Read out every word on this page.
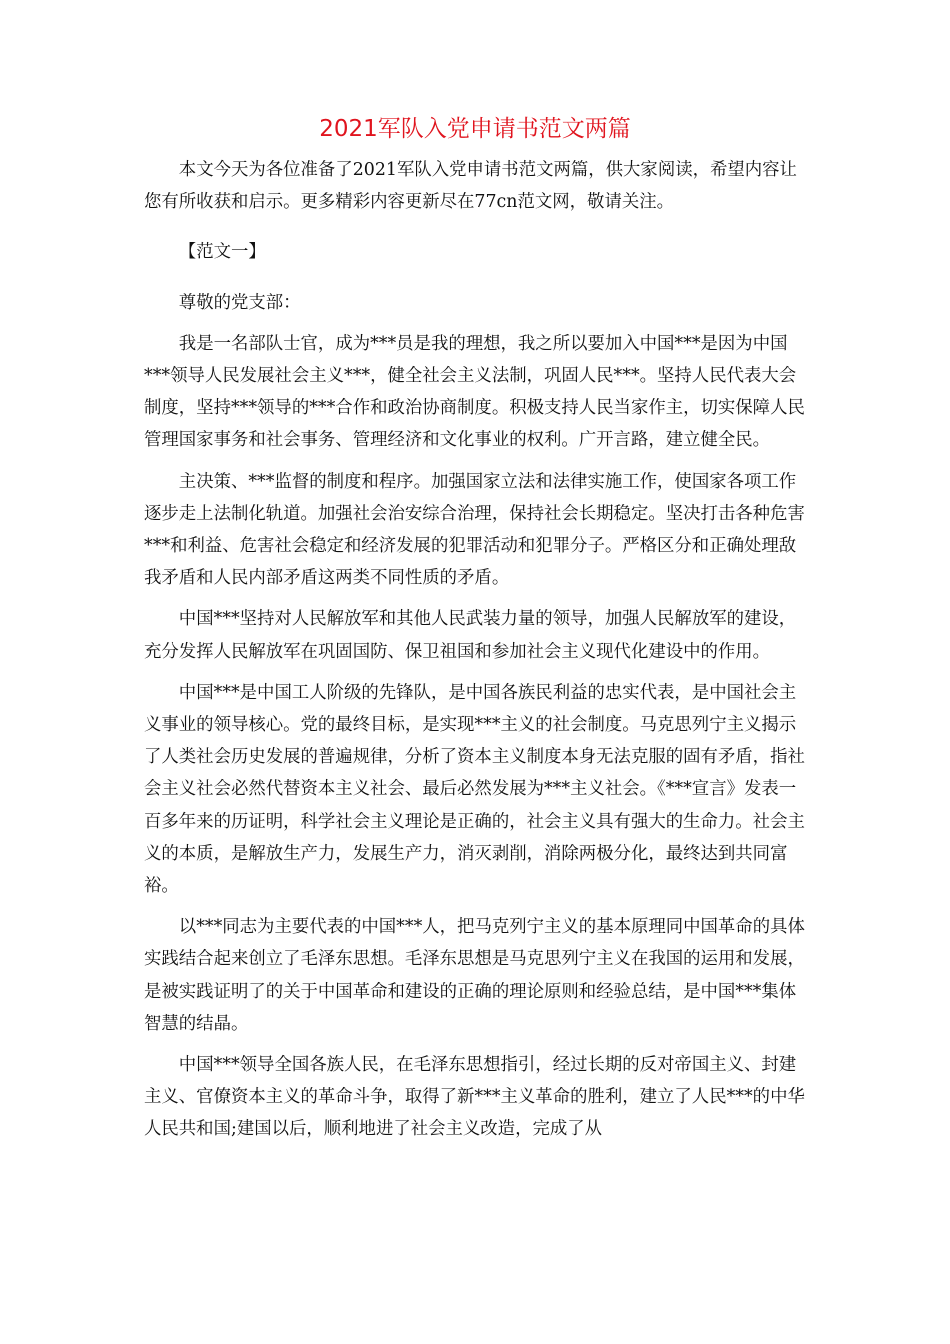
2021军队入党申请书范文两篇

本文今天为各位准备了2021军队入党申请书范文两篇，供大家阅读，希望内容让您有所收获和启示。更多精彩内容更新尽在77cn范文网，敬请关注。

【范文一】

尊敬的党支部：

我是一名部队士官，成为***员是我的理想，我之所以要加入中国***是因为中国***领导人民发展社会主义***，健全社会主义法制，巩固人民***。坚持人民代表大会制度，坚持***领导的***合作和政治协商制度。积极支持人民当家作主，切实保障人民管理国家事务和社会事务、管理经济和文化事业的权利。广开言路，建立健全民。

主决策、***监督的制度和程序。加强国家立法和法律实施工作，使国家各项工作逐步走上法制化轨道。加强社会治安综合治理，保持社会长期稳定。坚决打击各种危害***和利益、危害社会稳定和经济发展的犯罪活动和犯罪分子。严格区分和正确处理敌我矛盾和人民内部矛盾这两类不同性质的矛盾。

中国***坚持对人民解放军和其他人民武装力量的领导，加强人民解放军的建设，充分发挥人民解放军在巩固国防、保卫祖国和参加社会主义现代化建设中的作用。

中国***是中国工人阶级的先锋队，是中国各族民利益的忠实代表，是中国社会主义事业的领导核心。党的最终目标，是实现***主义的社会制度。马克思列宁主义揭示了人类社会历史发展的普遍规律，分析了资本主义制度本身无法克服的固有矛盾，指社会主义社会必然代替资本主义社会、最后必然发展为***主义社会。《***宣言》发表一百多年来的历证明，科学社会主义理论是正确的，社会主义具有强大的生命力。社会主义的本质，是解放生产力，发展生产力，消灭剥削，消除两极分化，最终达到共同富裕。

以***同志为主要代表的中国***人，把马克列宁主义的基本原理同中国革命的具体实践结合起来创立了毛泽东思想。毛泽东思想是马克思列宁主义在我国的运用和发展，是被实践证明了的关于中国革命和建设的正确的理论原则和经验总结，是中国***集体智慧的结晶。

中国***领导全国各族人民，在毛泽东思想指引，经过长期的反对帝国主义、封建主义、官僚资本主义的革命斗争，取得了新***主义革命的胜利，建立了人民***的中华人民共和国;建国以后，顺利地进了社会主义改造，完成了从
